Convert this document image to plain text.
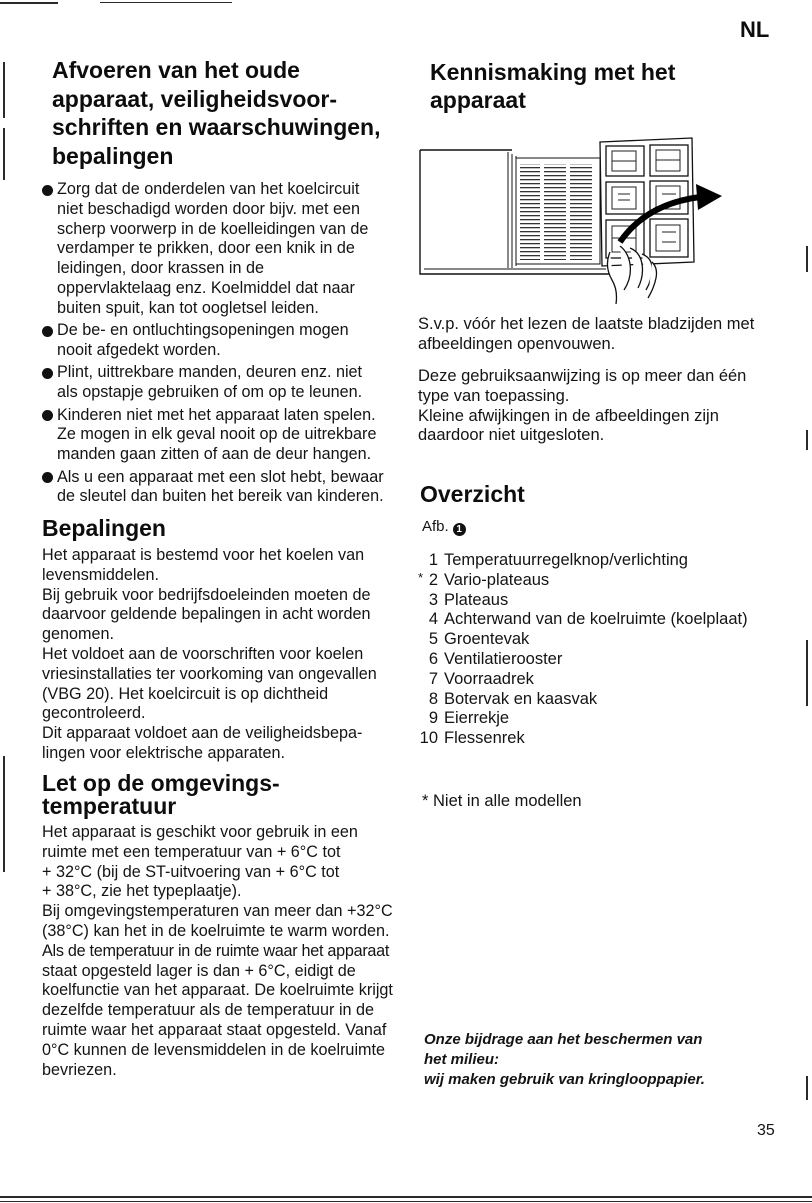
NL
Afvoeren van het oude
apparaat, veiligheidsvoor-
schriften en waarschuwingen,
bepalingen
Zorg dat de onderdelen van het koelcircuit
niet beschadigd worden door bijv. met een
scherp voorwerp in de koelleidingen van de
verdamper te prikken, door een knik in de
leidingen, door krassen in de
oppervlaktelaag enz. Koelmiddel dat naar
buiten spuit, kan tot oogletsel leiden.
De be- en ontluchtingsopeningen mogen
nooit afgedekt worden.
Plint, uittrekbare manden, deuren enz. niet
als opstapje gebruiken of om op te leunen.
Kinderen niet met het apparaat laten spelen.
Ze mogen in elk geval nooit op de uitrekbare
manden gaan zitten of aan de deur hangen.
Als u een apparaat met een slot hebt, bewaar
de sleutel dan buiten het bereik van kinderen.
Bepalingen
Het apparaat is bestemd voor het koelen van
levensmiddelen.
Bij gebruik voor bedrijfsdoeleinden moeten de
daarvoor geldende bepalingen in acht worden
genomen.
Het voldoet aan de voorschriften voor koelen
vriesinstallaties ter voorkoming van ongevallen
(VBG 20). Het koelcircuit is op dichtheid
gecontroleerd.
Dit apparaat voldoet aan de veiligheidsbepa-
lingen voor elektrische apparaten.
Let op de omgevings-
temperatuur
Het apparaat is geschikt voor gebruik in een
ruimte met een temperatuur van + 6°C tot
+ 32°C (bij de ST-uitvoering van + 6°C tot
+ 38°C, zie het typeplaatje).
Bij omgevingstemperaturen van meer dan +32°C
(38°C) kan het in de koelruimte te warm worden.
Als de temperatuur in de ruimte waar het apparaat
staat opgesteld lager is dan + 6°C, eidigt de
koelfunctie van het apparaat. De koelruimte krijgt
dezelfde temperatuur als de temperatuur in de
ruimte waar het apparaat staat opgesteld. Vanaf
0°C kunnen de levensmiddelen in de koelruimte
bevriezen.
Kennismaking met het
apparaat
S.v.p. vóór het lezen de laatste bladzijden met
afbeeldingen openvouwen.
Deze gebruiksaanwijzing is op meer dan één
type van toepassing.
Kleine afwijkingen in de afbeeldingen zijn
daardoor niet uitgesloten.
Overzicht
Afb. 1
1 Temperatuurregelknop/verlichting
* 2 Vario-plateaus
3 Plateaus
4 Achterwand van de koelruimte (koelplaat)
5 Groentevak
6 Ventilatierooster
7 Voorraadrek
8 Botervak en kaasvak
9 Eierrekje
10 Flessenrek
* Niet in alle modellen
Onze bijdrage aan het beschermen van
het milieu:
wij maken gebruik van kringlooppapier.
35
